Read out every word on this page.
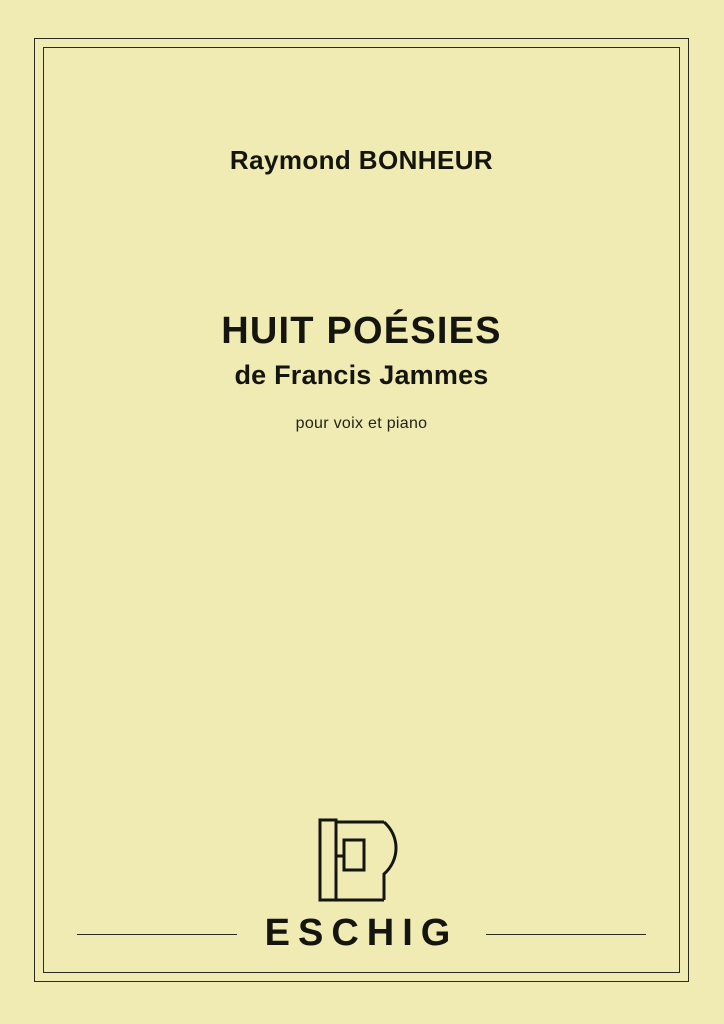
Raymond BONHEUR
HUIT POÉSIES
de Francis Jammes
pour voix et piano
ESCHIG
